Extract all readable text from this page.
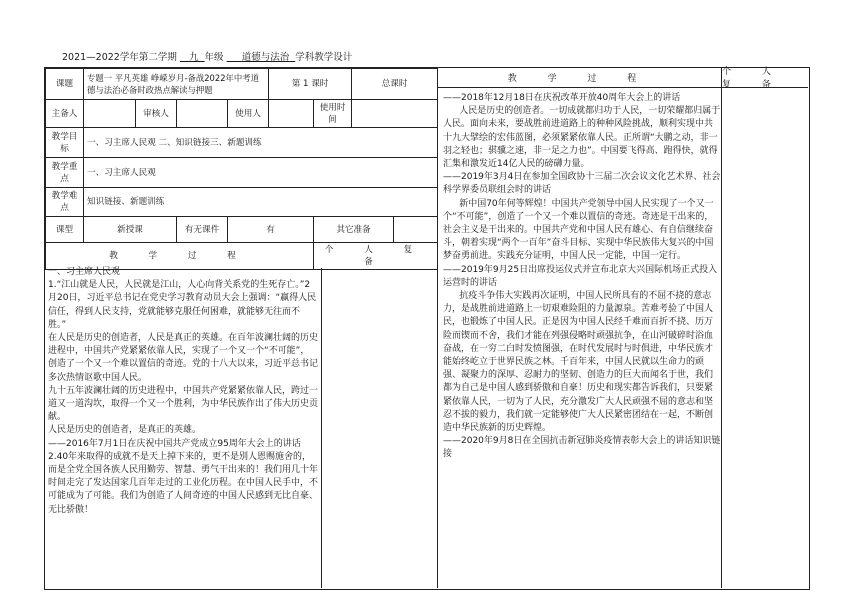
2021—2022学年第二学期 九 年级 道德与法治 学科教学设计
课题	专题一 平凡英雄 峥嵘岁月-备战2022年中考道德与法治必备时政热点解读与押题				第 1 课时		总课时	
主备人		审核人		使用人		使用时间		
教学目标	一、习主席人民观 二、知识链接三、新题训练							
教学重点	一、习主席人民观							
教学难点	知识链接、新题训练							
课型	新授课		有无课件	有		其它准备		
教 学 过 程						个 人 复 备		

一、习主席人民观

1.“江山就是人民，人民就是江山，人心向背关系党的生死存亡。”2月20日，习近平总书记在党史学习教育动员大会上强调：“赢得人民信任，得到人民支持，党就能够克服任何困难，就能够无往而不胜。”

在人民是历史的创造者，人民是真正的英雄。在百年波澜壮阔的历史进程中，中国共产党紧紧依靠人民，实现了一个又一个“不可能”，创造了一个又一个难以置信的奇迹。党的十八大以来，习近平总书记多次热情讴歌中国人民。

九十五年波澜壮阔的历史进程中，中国共产党紧紧依靠人民，跨过一道又一道沟坎，取得一个又一个胜利，为中华民族作出了伟大历史贡献。

人民是历史的创造者，是真正的英雄。

——2016年7月1日在庆祝中国共产党成立95周年大会上的讲话

2.40年来取得的成就不是天上掉下来的，更不是别人恩赐施舍的，而是全党全国各族人民用勤劳、智慧、勇气干出来的！我们用几十年时间走完了发达国家几百年走过的工业化历程。在中国人民手中，不可能成为了可能。我们为创造了人间奇迹的中国人民感到无比自豪、无比骄傲！

教 学 过 程
个 人 复 备

——2018年12月18日在庆祝改革开放40周年大会上的讲话

人民是历史的创造者。一切成就都归功于人民，一切荣耀都归属于人民。面向未来，要战胜前进道路上的种种风险挑战，顺利实现中共十九大擘绘的宏伟蓝图，必须紧紧依靠人民。正所谓“大鹏之动，非一羽之轻也；骐骥之速，非一足之力也”。中国要飞得高、跑得快，就得汇集和激发近14亿人民的磅礴力量。

——2019年3月4日在参加全国政协十三届二次会议文化艺术界、社会科学界委员联组会时的讲话

新中国70年何等辉煌！中国共产党领导中国人民实现了一个又一个“不可能”，创造了一个又一个难以置信的奇迹。奇迹是干出来的，社会主义是干出来的。中国共产党和中国人民有雄心、有自信继续奋斗，朝着实现“两个一百年”奋斗目标、实现中华民族伟大复兴的中国梦奋勇前进。实践充分证明，中国人民一定能，中国一定行。

——2019年9月25日出席投运仪式并宣布北京大兴国际机场正式投入运营时的讲话

抗疫斗争伟大实践再次证明，中国人民所具有的不屈不挠的意志力，是战胜前进道路上一切艰难险阻的力量源泉。苦难考验了中国人民，也锻炼了中国人民。正是因为中国人民经千难而百折不挠、历万险而锲而不舍，我们才能在列强侵略时顽强抗争，在山河破碎时浴血奋战，在一穷二白时发愤图强，在时代发展时与时俱进，中华民族才能始终屹立于世界民族之林。千百年来，中国人民就以生命力的顽强、凝聚力的深厚、忍耐力的坚韧、创造力的巨大而闻名于世，我们都为自己是中国人感到骄傲和自豪！历史和现实都告诉我们，只要紧紧依靠人民，一切为了人民，充分激发广大人民顽强不屈的意志和坚忍不拔的毅力，我们就一定能够使广大人民紧密团结在一起，不断创造中华民族新的历史辉煌。

——2020年9月8日在全国抗击新冠肺炎疫情表彰大会上的讲话知识链接
